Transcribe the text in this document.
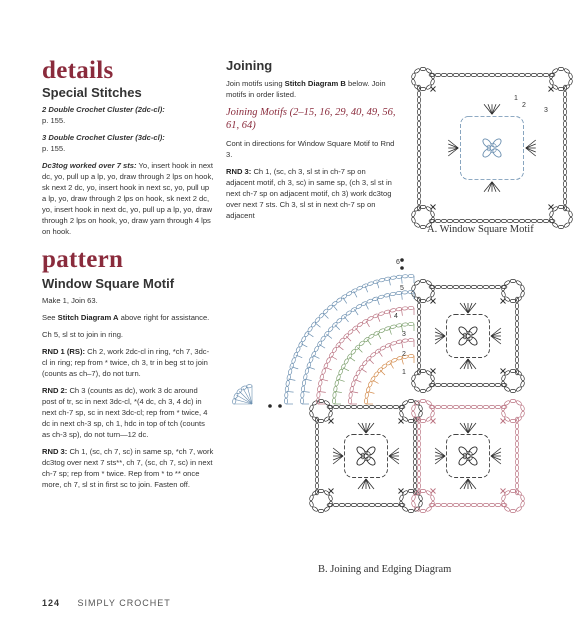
details
Special Stitches

2 Double Crochet Cluster (2dc-cl):
p. 155.

3 Double Crochet Cluster (3dc-cl):
p. 155.

Dc3tog worked over 7 sts: Yo, insert hook in next dc, yo, pull up a lp, yo, draw through 2 lps on hook, sk next 2 dc, yo, insert hook in next sc, yo, pull up a lp, yo, draw through 2 lps on hook, sk next 2 dc, yo, insert hook in next dc, yo, pull up a lp, yo, draw through 2 lps on hook, yo, draw yarn through 4 lps on hook.

pattern
Window Square Motif

Make 1, Join 63.

See Stitch Diagram A above right for assistance.

Ch 5, sl st to join in ring.

RND 1 (RS): Ch 2, work 2dc-cl in ring, *ch 7, 3dc-cl in ring; rep from * twice, ch 3, tr in beg st to join (counts as ch–7), do not turn.

RND 2: Ch 3 (counts as dc), work 3 dc around post of tr, sc in next 3dc-cl, *(4 dc, ch 3, 4 dc) in next ch-7 sp, sc in next 3dc-cl; rep from * twice, 4 dc in next ch-3 sp, ch 1, hdc in top of tch (counts as ch-3 sp), do not turn—12 dc.

RND 3: Ch 1, (sc, ch 7, sc) in same sp, *ch 7, work dc3tog over next 7 sts**, ch 7, (sc, ch 7, sc) in next ch-7 sp; rep from * twice. Rep from * to ** once more, ch 7, sl st in first sc to join. Fasten off.

Joining

Join motifs using Stitch Diagram B below. Join motifs in order listed.

Joining Motifs (2–15, 16, 29, 40, 49, 56, 61, 64)

Cont in directions for Window Square Motif to Rnd 3.

RND 3: Ch 1, (sc, ch 3, sl st in ch-7 sp on adjacent motif, ch 3, sc) in same sp, (ch 3, sl st in next ch-7 sp on adjacent motif, ch 3) work dc3tog over next 7 sts. Ch 3, sl st in next ch-7 sp on adjacent

1
2
3
A. Window Square Motif
6
5
4
3
2
1
B. Joining and Edging Diagram
124 SIMPLY CROCHET
